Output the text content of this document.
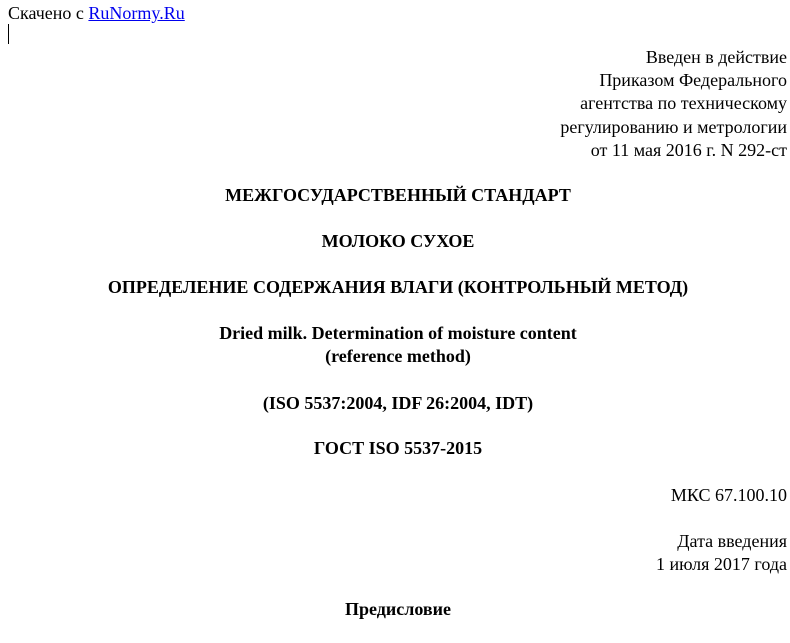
Скачено с RuNormy.Ru
Введен в действие
Приказом Федерального
агентства по техническому
регулированию и метрологии
от 11 мая 2016 г. N 292-ст
МЕЖГОСУДАРСТВЕННЫЙ СТАНДАРТ
МОЛОКО СУХОЕ
ОПРЕДЕЛЕНИЕ СОДЕРЖАНИЯ ВЛАГИ (КОНТРОЛЬНЫЙ МЕТОД)
Dried milk. Determination of moisture content
(reference method)
(ISO 5537:2004, IDF 26:2004, IDT)
ГОСТ ISO 5537-2015
МКС 67.100.10
Дата введения
1 июля 2017 года
Предисловие
